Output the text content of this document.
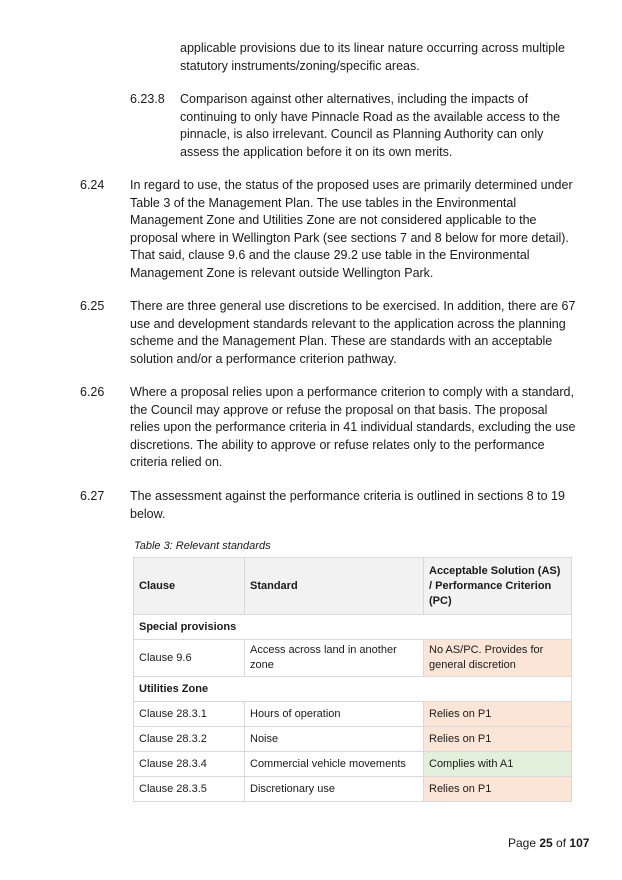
applicable provisions due to its linear nature occurring across multiple statutory instruments/zoning/specific areas.
6.23.8 Comparison against other alternatives, including the impacts of continuing to only have Pinnacle Road as the available access to the pinnacle, is also irrelevant. Council as Planning Authority can only assess the application before it on its own merits.
6.24 In regard to use, the status of the proposed uses are primarily determined under Table 3 of the Management Plan. The use tables in the Environmental Management Zone and Utilities Zone are not considered applicable to the proposal where in Wellington Park (see sections 7 and 8 below for more detail). That said, clause 9.6 and the clause 29.2 use table in the Environmental Management Zone is relevant outside Wellington Park.
6.25 There are three general use discretions to be exercised. In addition, there are 67 use and development standards relevant to the application across the planning scheme and the Management Plan. These are standards with an acceptable solution and/or a performance criterion pathway.
6.26 Where a proposal relies upon a performance criterion to comply with a standard, the Council may approve or refuse the proposal on that basis. The proposal relies upon the performance criteria in 41 individual standards, excluding the use discretions. The ability to approve or refuse relates only to the performance criteria relied on.
6.27 The assessment against the performance criteria is outlined in sections 8 to 19 below.
Table 3: Relevant standards
Clause	Standard	Acceptable Solution (AS) / Performance Criterion (PC)
Special provisions		
Clause 9.6	Access across land in another zone	No AS/PC. Provides for general discretion
Utilities Zone		
Clause 28.3.1	Hours of operation	Relies on P1
Clause 28.3.2	Noise	Relies on P1
Clause 28.3.4	Commercial vehicle movements	Complies with A1
Clause 28.3.5	Discretionary use	Relies on P1
Page 25 of 107
